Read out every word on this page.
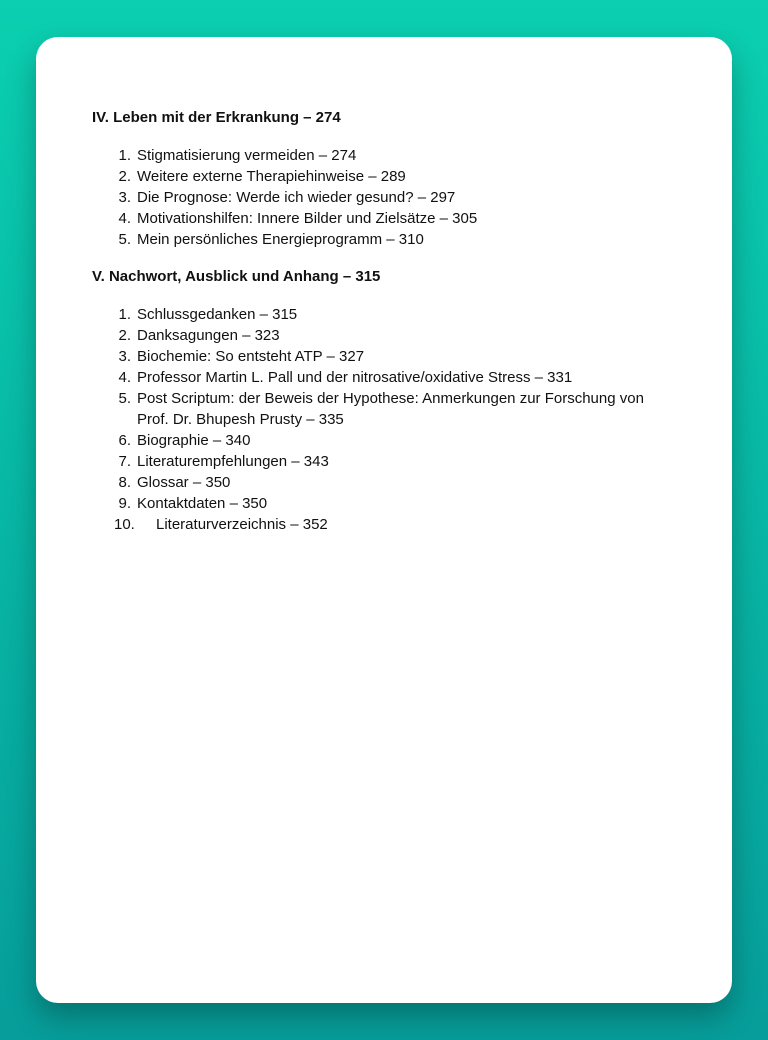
IV. Leben mit der Erkrankung – 274
1. Stigmatisierung vermeiden – 274
2. Weitere externe Therapiehinweise – 289
3. Die Prognose: Werde ich wieder gesund? – 297
4. Motivationshilfen: Innere Bilder und Zielsätze – 305
5. Mein persönliches Energieprogramm – 310
V. Nachwort, Ausblick und Anhang – 315
1. Schlussgedanken – 315
2. Danksagungen – 323
3. Biochemie: So entsteht ATP – 327
4. Professor Martin L. Pall und der nitrosative/oxidative Stress – 331
5. Post Scriptum: der Beweis der Hypothese: Anmerkungen zur Forschung von Prof. Dr. Bhupesh Prusty – 335
6. Biographie – 340
7. Literaturempfehlungen – 343
8. Glossar – 350
9. Kontaktdaten – 350
10.	Literaturverzeichnis – 352
